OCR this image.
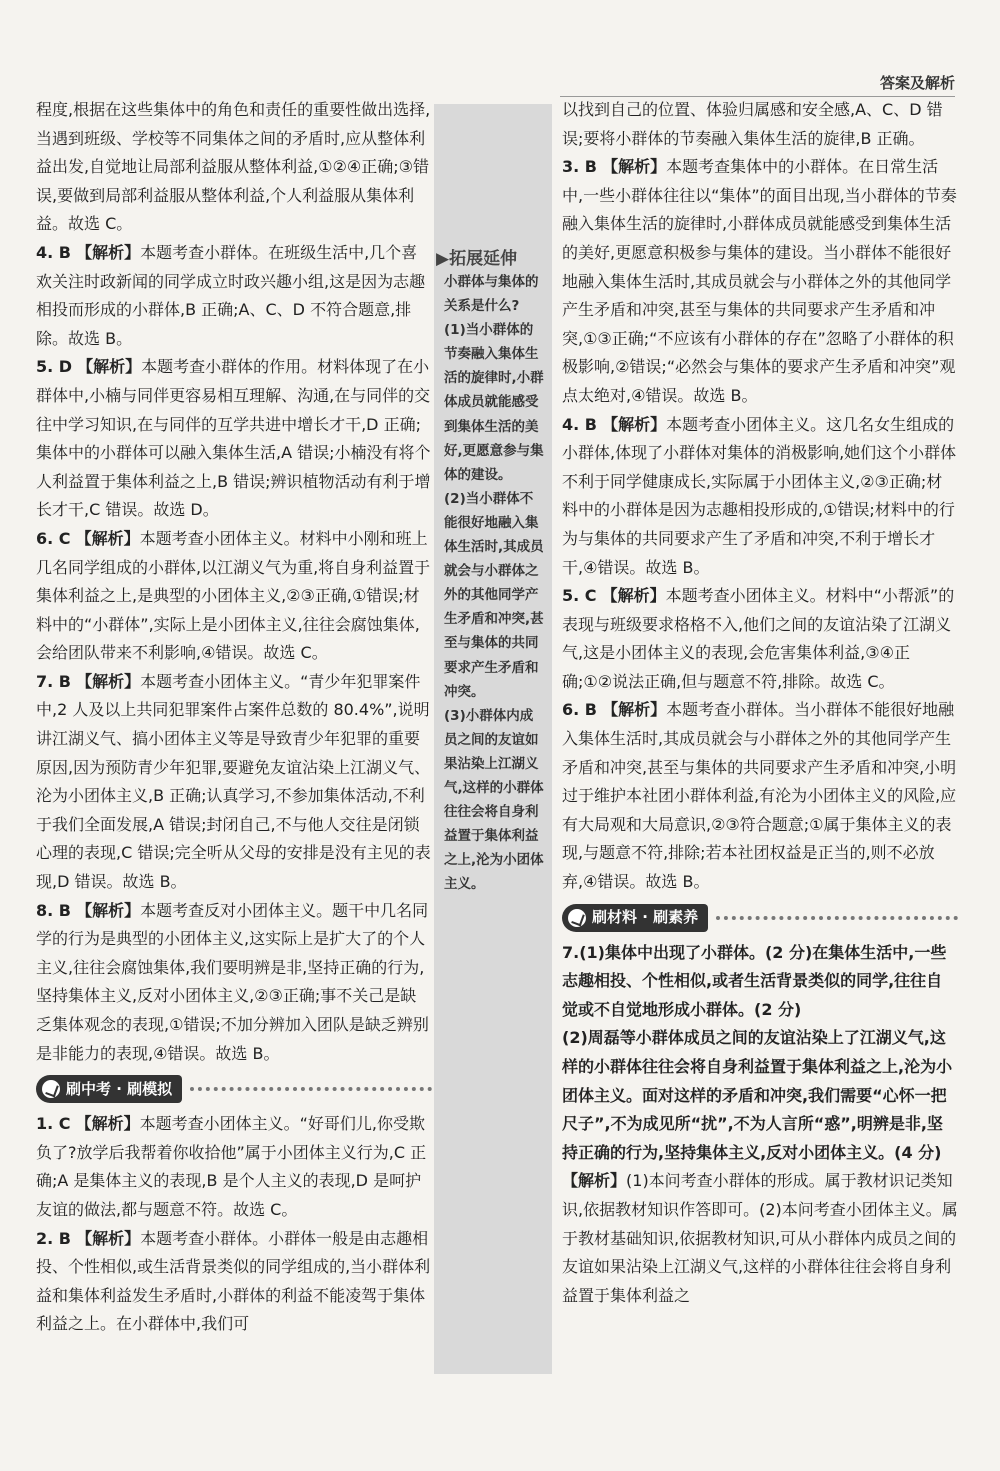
答案及解析
程度,根据在这些集体中的角色和责任的重要性做出选择,当遇到班级、学校等不同集体之间的矛盾时,应从整体利益出发,自觉地让局部利益服从整体利益,①②④正确;③错误,要做到局部利益服从整体利益,个人利益服从集体利益。故选 C。
4. B 【解析】本题考查小群体。在班级生活中,几个喜欢关注时政新闻的同学成立时政兴趣小组,这是因为志趣相投而形成的小群体,B 正确;A、C、D 不符合题意,排除。故选 B。
5. D 【解析】本题考查小群体的作用。材料体现了在小群体中,小楠与同伴更容易相互理解、沟通,在与同伴的交往中学习知识,在与同伴的互学共进中增长才干,D 正确;集体中的小群体可以融入集体生活,A 错误;小楠没有将个人利益置于集体利益之上,B 错误;辨识植物活动有利于增长才干,C 错误。故选 D。
6. C 【解析】本题考查小团体主义。材料中小刚和班上几名同学组成的小群体,以江湖义气为重,将自身利益置于集体利益之上,是典型的小团体主义,②③正确,①错误;材料中的“小群体”,实际上是小团体主义,往往会腐蚀集体,会给团队带来不利影响,④错误。故选 C。
7. B 【解析】本题考查小团体主义。“青少年犯罪案件中,2 人及以上共同犯罪案件占案件总数的 80.4%”,说明讲江湖义气、搞小团体主义等是导致青少年犯罪的重要原因,因为预防青少年犯罪,要避免友谊沾染上江湖义气、沦为小团体主义,B 正确;认真学习,不参加集体活动,不利于我们全面发展,A 错误;封闭自己,不与他人交往是闭锁心理的表现,C 错误;完全听从父母的安排是没有主见的表现,D 错误。故选 B。
8. B 【解析】本题考查反对小团体主义。题干中几名同学的行为是典型的小团体主义,这实际上是扩大了的个人主义,往往会腐蚀集体,我们要明辨是非,坚持正确的行为,坚持集体主义,反对小团体主义,②③正确;事不关己是缺乏集体观念的表现,①错误;不加分辨加入团队是缺乏辨别是非能力的表现,④错误。故选 B。
刷中考 · 刷模拟
1. C 【解析】本题考查小团体主义。“好哥们儿,你受欺负了?放学后我帮着你收拾他”属于小团体主义行为,C 正确;A 是集体主义的表现,B 是个人主义的表现,D 是呵护友谊的做法,都与题意不符。故选 C。
2. B 【解析】本题考查小群体。小群体一般是由志趣相投、个性相似,或生活背景类似的同学组成的,当小群体利益和集体利益发生矛盾时,小群体的利益不能凌驾于集体利益之上。在小群体中,我们可
▶拓展延伸

小群体与集体的关系是什么?

(1)当小群体的节奏融入集体生活的旋律时,小群体成员就能感受到集体生活的美好,更愿意参与集体的建设。

(2)当小群体不能很好地融入集体生活时,其成员就会与小群体之外的其他同学产生矛盾和冲突,甚至与集体的共同要求产生矛盾和冲突。

(3)小群体内成员之间的友谊如果沾染上江湖义气,这样的小群体往往会将自身利益置于集体利益之上,沦为小团体主义。

以找到自己的位置、体验归属感和安全感,A、C、D 错误;要将小群体的节奏融入集体生活的旋律,B 正确。
3. B 【解析】本题考查集体中的小群体。在日常生活中,一些小群体往往以“集体”的面目出现,当小群体的节奏融入集体生活的旋律时,小群体成员就能感受到集体生活的美好,更愿意积极参与集体的建设。当小群体不能很好地融入集体生活时,其成员就会与小群体之外的其他同学产生矛盾和冲突,甚至与集体的共同要求产生矛盾和冲突,①③正确;“不应该有小群体的存在”忽略了小群体的积极影响,②错误;“必然会与集体的要求产生矛盾和冲突”观点太绝对,④错误。故选 B。
4. B 【解析】本题考查小团体主义。这几名女生组成的小群体,体现了小群体对集体的消极影响,她们这个小群体不利于同学健康成长,实际属于小团体主义,②③正确;材料中的小群体是因为志趣相投形成的,①错误;材料中的行为与集体的共同要求产生了矛盾和冲突,不利于增长才干,④错误。故选 B。
5. C 【解析】本题考查小团体主义。材料中“小帮派”的表现与班级要求格格不入,他们之间的友谊沾染了江湖义气,这是小团体主义的表现,会危害集体利益,③④正确;①②说法正确,但与题意不符,排除。故选 C。
6. B 【解析】本题考查小群体。当小群体不能很好地融入集体生活时,其成员就会与小群体之外的其他同学产生矛盾和冲突,甚至与集体的共同要求产生矛盾和冲突,小明过于维护本社团小群体利益,有沦为小团体主义的风险,应有大局观和大局意识,②③符合题意;①属于集体主义的表现,与题意不符,排除;若本社团权益是正当的,则不必放弃,④错误。故选 B。
刷材料 · 刷素养
7.(1)集体中出现了小群体。(2 分)在集体生活中,一些志趣相投、个性相似,或者生活背景类似的同学,往往自觉或不自觉地形成小群体。(2 分)
(2)周磊等小群体成员之间的友谊沾染上了江湖义气,这样的小群体往往会将自身利益置于集体利益之上,沦为小团体主义。面对这样的矛盾和冲突,我们需要“心怀一把尺子”,不为成见所“扰”,不为人言所“惑”,明辨是非,坚持正确的行为,坚持集体主义,反对小团体主义。(4 分)
【解析】(1)本问考查小群体的形成。属于教材识记类知识,依据教材知识作答即可。(2)本问考查小团体主义。属于教材基础知识,依据教材知识,可从小群体内成员之间的友谊如果沾染上江湖义气,这样的小群体往往会将自身利益置于集体利益之
